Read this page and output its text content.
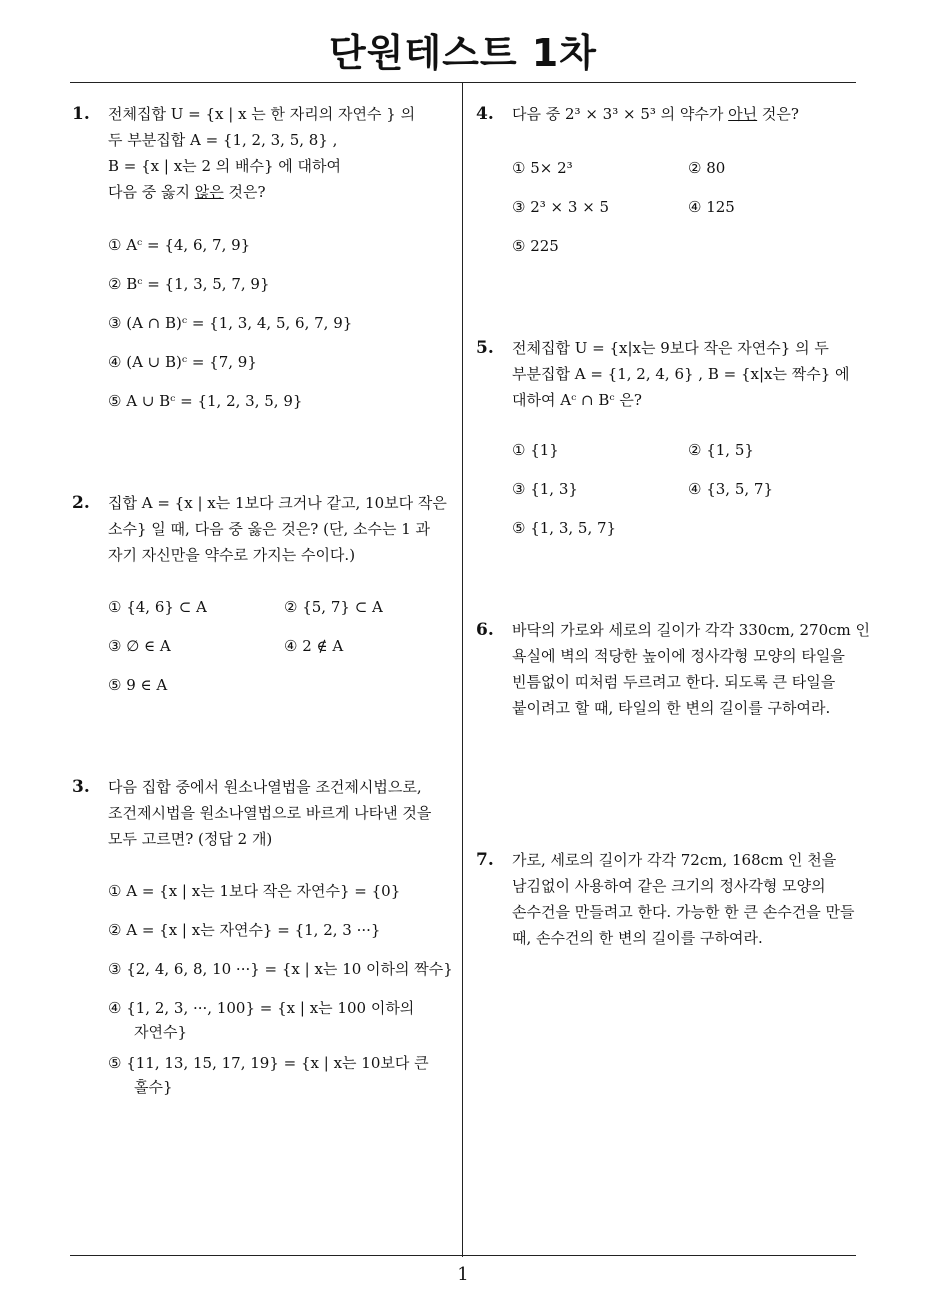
단원테스트 1차
1
1. 전체집합 U = {x | x 는 한 자리의 자연수 } 의
두 부분집합 A = {1, 2, 3, 5, 8} ,
B = {x | x는 2 의 배수} 에 대하여
다음 중 옳지 않은 것은?
① Aᶜ = {4, 6, 7, 9}
② Bᶜ = {1, 3, 5, 7, 9}
③ (A ∩ B)ᶜ = {1, 3, 4, 5, 6, 7, 9}
④ (A ∪ B)ᶜ = {7, 9}
⑤ A ∪ Bᶜ = {1, 2, 3, 5, 9}
2. 집합 A = {x | x는 1보다 크거나 같고, 10보다 작은
소수} 일 때, 다음 중 옳은 것은? (단, 소수는 1 과
자기 자신만을 약수로 가지는 수이다.)
① {4, 6} ⊂ A	② {5, 7} ⊂ A
③ ∅ ∈ A	④ 2 ∉ A
⑤ 9 ∈ A
3. 다음 집합 중에서 원소나열법을 조건제시법으로,
조건제시법을 원소나열법으로 바르게 나타낸 것을
모두 고르면? (정답 2 개)
① A = {x | x는 1보다 작은 자연수} = {0}
② A = {x | x는 자연수} = {1, 2, 3 ···}
③ {2, 4, 6, 8, 10 ···} = {x | x는 10 이하의 짝수}
④ {1, 2, 3, ···, 100} = {x | x는 100 이하의
자연수}
⑤ {11, 13, 15, 17, 19} = {x | x는 10보다 큰
홀수}
4. 다음 중 2³ × 3³ × 5³ 의 약수가 아닌 것은?
① 5× 2³	② 80
③ 2³ × 3 × 5	④ 125
⑤ 225
5. 전체집합 U = {x|x는 9보다 작은 자연수} 의 두
부분집합 A = {1, 2, 4, 6} , B = {x|x는 짝수} 에
대하여 Aᶜ ∩ Bᶜ 은?
① {1}	② {1, 5}
③ {1, 3}	④ {3, 5, 7}
⑤ {1, 3, 5, 7}
6. 바닥의 가로와 세로의 길이가 각각 330cm, 270cm 인
욕실에 벽의 적당한 높이에 정사각형 모양의 타일을
빈틈없이 띠처럼 두르려고 한다. 되도록 큰 타일을
붙이려고 할 때, 타일의 한 변의 길이를 구하여라.
7. 가로, 세로의 길이가 각각 72cm, 168cm 인 천을
남김없이 사용하여 같은 크기의 정사각형 모양의
손수건을 만들려고 한다. 가능한 한 큰 손수건을 만들
때, 손수건의 한 변의 길이를 구하여라.
